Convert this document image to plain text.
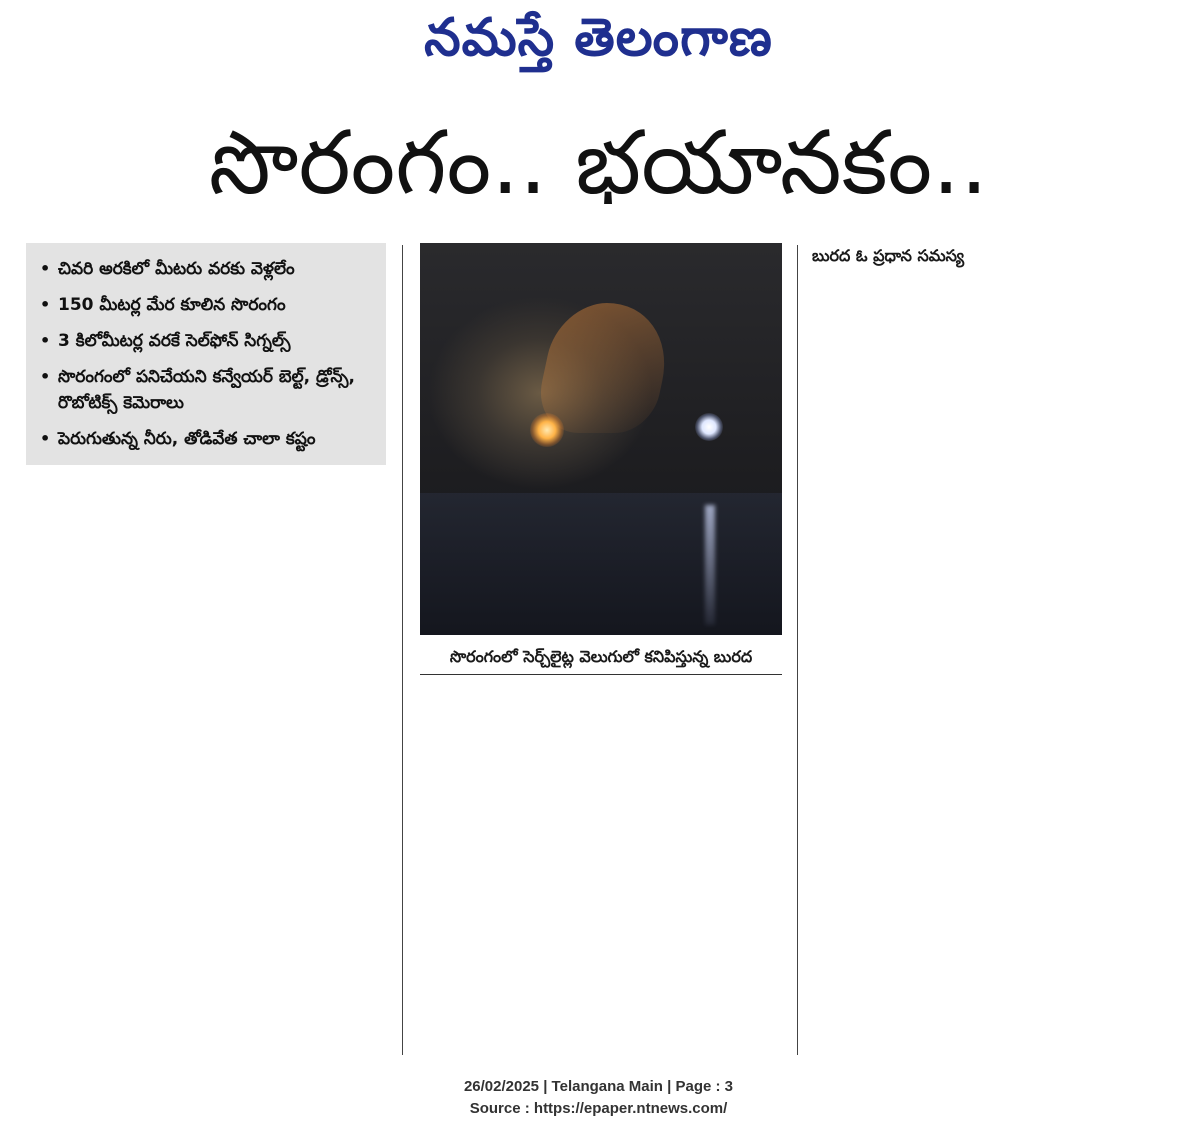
నమస్తే తెలంగాణ
సొరంగం.. భయానకం..
• చివరి అరకిలో మీటరు వరకు వెళ్లలేం
• 150 మీటర్ల మేర కూలిన సొరంగం
• 3 కిలోమీటర్ల వరకే సెల్‌ఫోన్ సిగ్నల్స్
• సొరంగంలో పనిచేయని కన్వేయర్ బెల్ట్, డ్రోన్స్, రొబోటిక్స్ కెమెరాలు
• పెరుగుతున్న నీరు, తోడివేత చాలా కష్టం
సొరంగంలో సెర్చ్‌లైట్ల వెలుగులో కనిపిస్తున్న బురద
బురద ఓ ప్రధాన సమస్య
26/02/2025 | Telangana Main | Page : 3
Source : https://epaper.ntnews.com/
